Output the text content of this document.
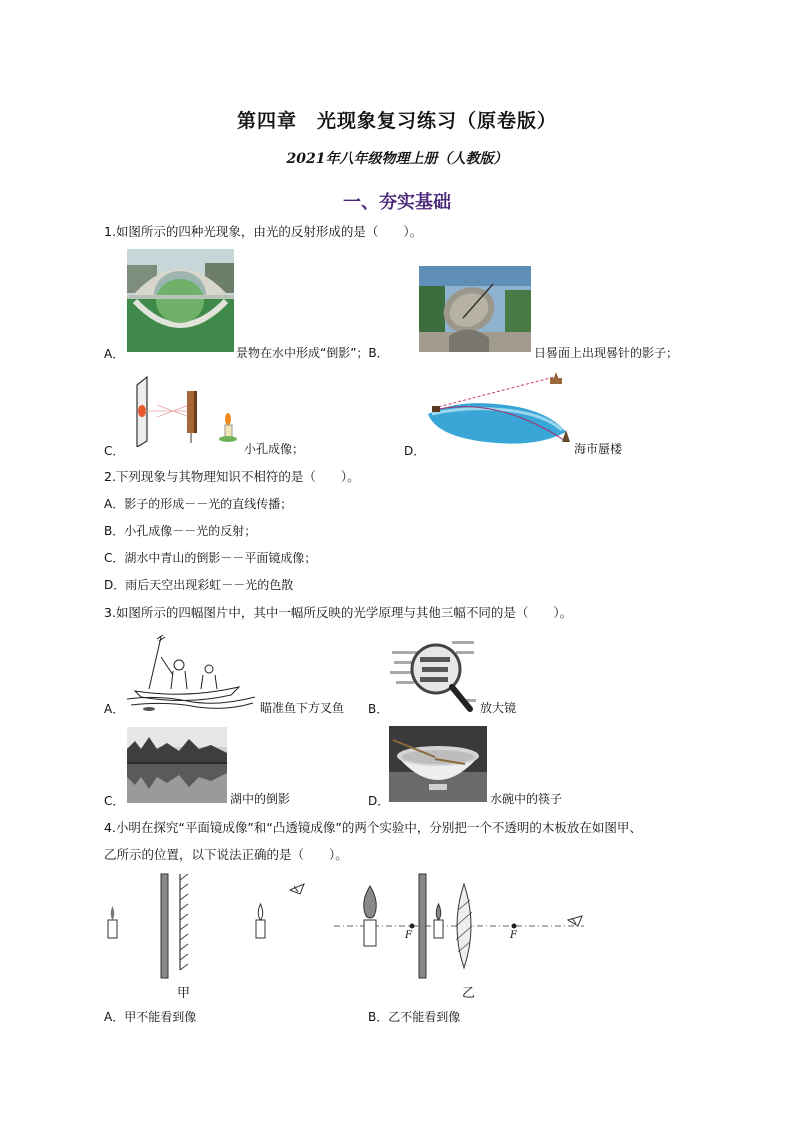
第四章　光现象复习练习（原卷版）
2021年八年级物理上册（人教版）
一、夯实基础
1.如图所示的四种光现象，由光的反射形成的是（　　）。
A．	景物在水中形成“倒影”；B．	日晷面上出现晷针的影子；
C．	小孔成像；	D．	海市蜃楼
2.下列现象与其物理知识不相符的是（　　）。
A．影子的形成－－光的直线传播；
B．小孔成像－－光的反射；
C．湖水中青山的倒影－－平面镜成像；
D．雨后天空出现彩虹－－光的色散
3.如图所示的四幅图片中，其中一幅所反映的光学原理与其他三幅不同的是（　　）。
A．	瞄准鱼下方叉鱼 B．	放大镜
C．	湖中的倒影	D．	水碗中的筷子
4.小明在探究“平面镜成像”和“凸透镜成像”的两个实验中，分别把一个不透明的木板放在如图甲、
乙所示的位置，以下说法正确的是（　　）。
甲
F	F
乙
A．甲不能看到像	B．乙不能看到像
